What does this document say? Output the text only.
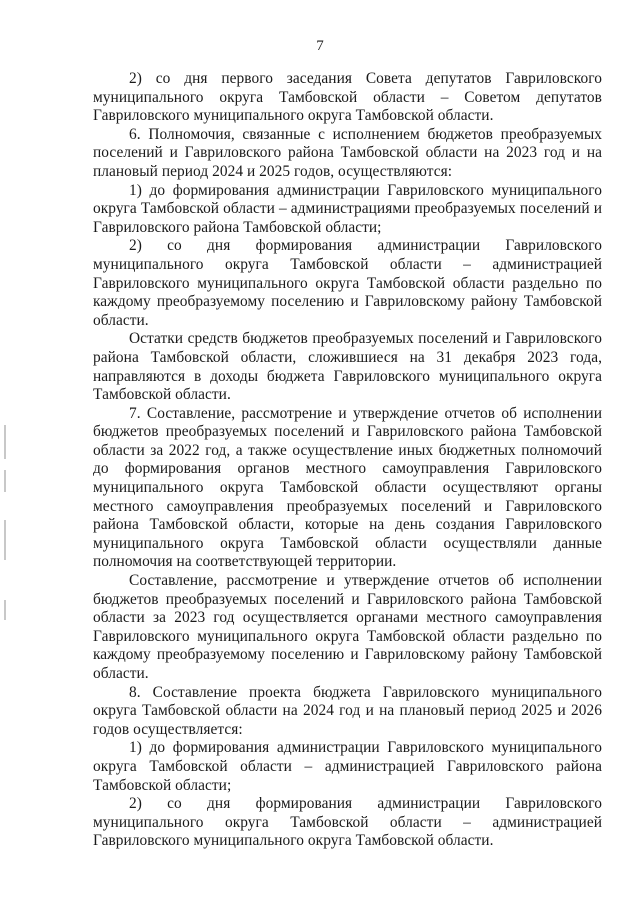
7

2) со дня первого заседания Совета депутатов Гавриловского муниципального округа Тамбовской области – Советом депутатов Гавриловского муниципального округа Тамбовской области.

6. Полномочия, связанные с исполнением бюджетов преобразуемых поселений и Гавриловского района Тамбовской области на 2023 год и на плановый период 2024 и 2025 годов, осуществляются:

1) до формирования администрации Гавриловского муниципального округа Тамбовской области – администрациями преобразуемых поселений и Гавриловского района Тамбовской области;

2) со дня формирования администрации Гавриловского муниципального округа Тамбовской области – администрацией Гавриловского муниципального округа Тамбовской области раздельно по каждому преобразуемому поселению и Гавриловскому району Тамбовской области.

Остатки средств бюджетов преобразуемых поселений и Гавриловского района Тамбовской области, сложившиеся на 31 декабря 2023 года, направляются в доходы бюджета Гавриловского муниципального округа Тамбовской области.

7. Составление, рассмотрение и утверждение отчетов об исполнении бюджетов преобразуемых поселений и Гавриловского района Тамбовской области за 2022 год, а также осуществление иных бюджетных полномочий до формирования органов местного самоуправления Гавриловского муниципального округа Тамбовской области осуществляют органы местного самоуправления преобразуемых поселений и Гавриловского района Тамбовской области, которые на день создания Гавриловского муниципального округа Тамбовской области осуществляли данные полномочия на соответствующей территории.

Составление, рассмотрение и утверждение отчетов об исполнении бюджетов преобразуемых поселений и Гавриловского района Тамбовской области за 2023 год осуществляется органами местного самоуправления Гавриловского муниципального округа Тамбовской области раздельно по каждому преобразуемому поселению и Гавриловскому району Тамбовской области.

8. Составление проекта бюджета Гавриловского муниципального округа Тамбовской области на 2024 год и на плановый период 2025 и 2026 годов осуществляется:

1) до формирования администрации Гавриловского муниципального округа Тамбовской области – администрацией Гавриловского района Тамбовской области;

2) со дня формирования администрации Гавриловского муниципального округа Тамбовской области – администрацией Гавриловского муниципального округа Тамбовской области.
